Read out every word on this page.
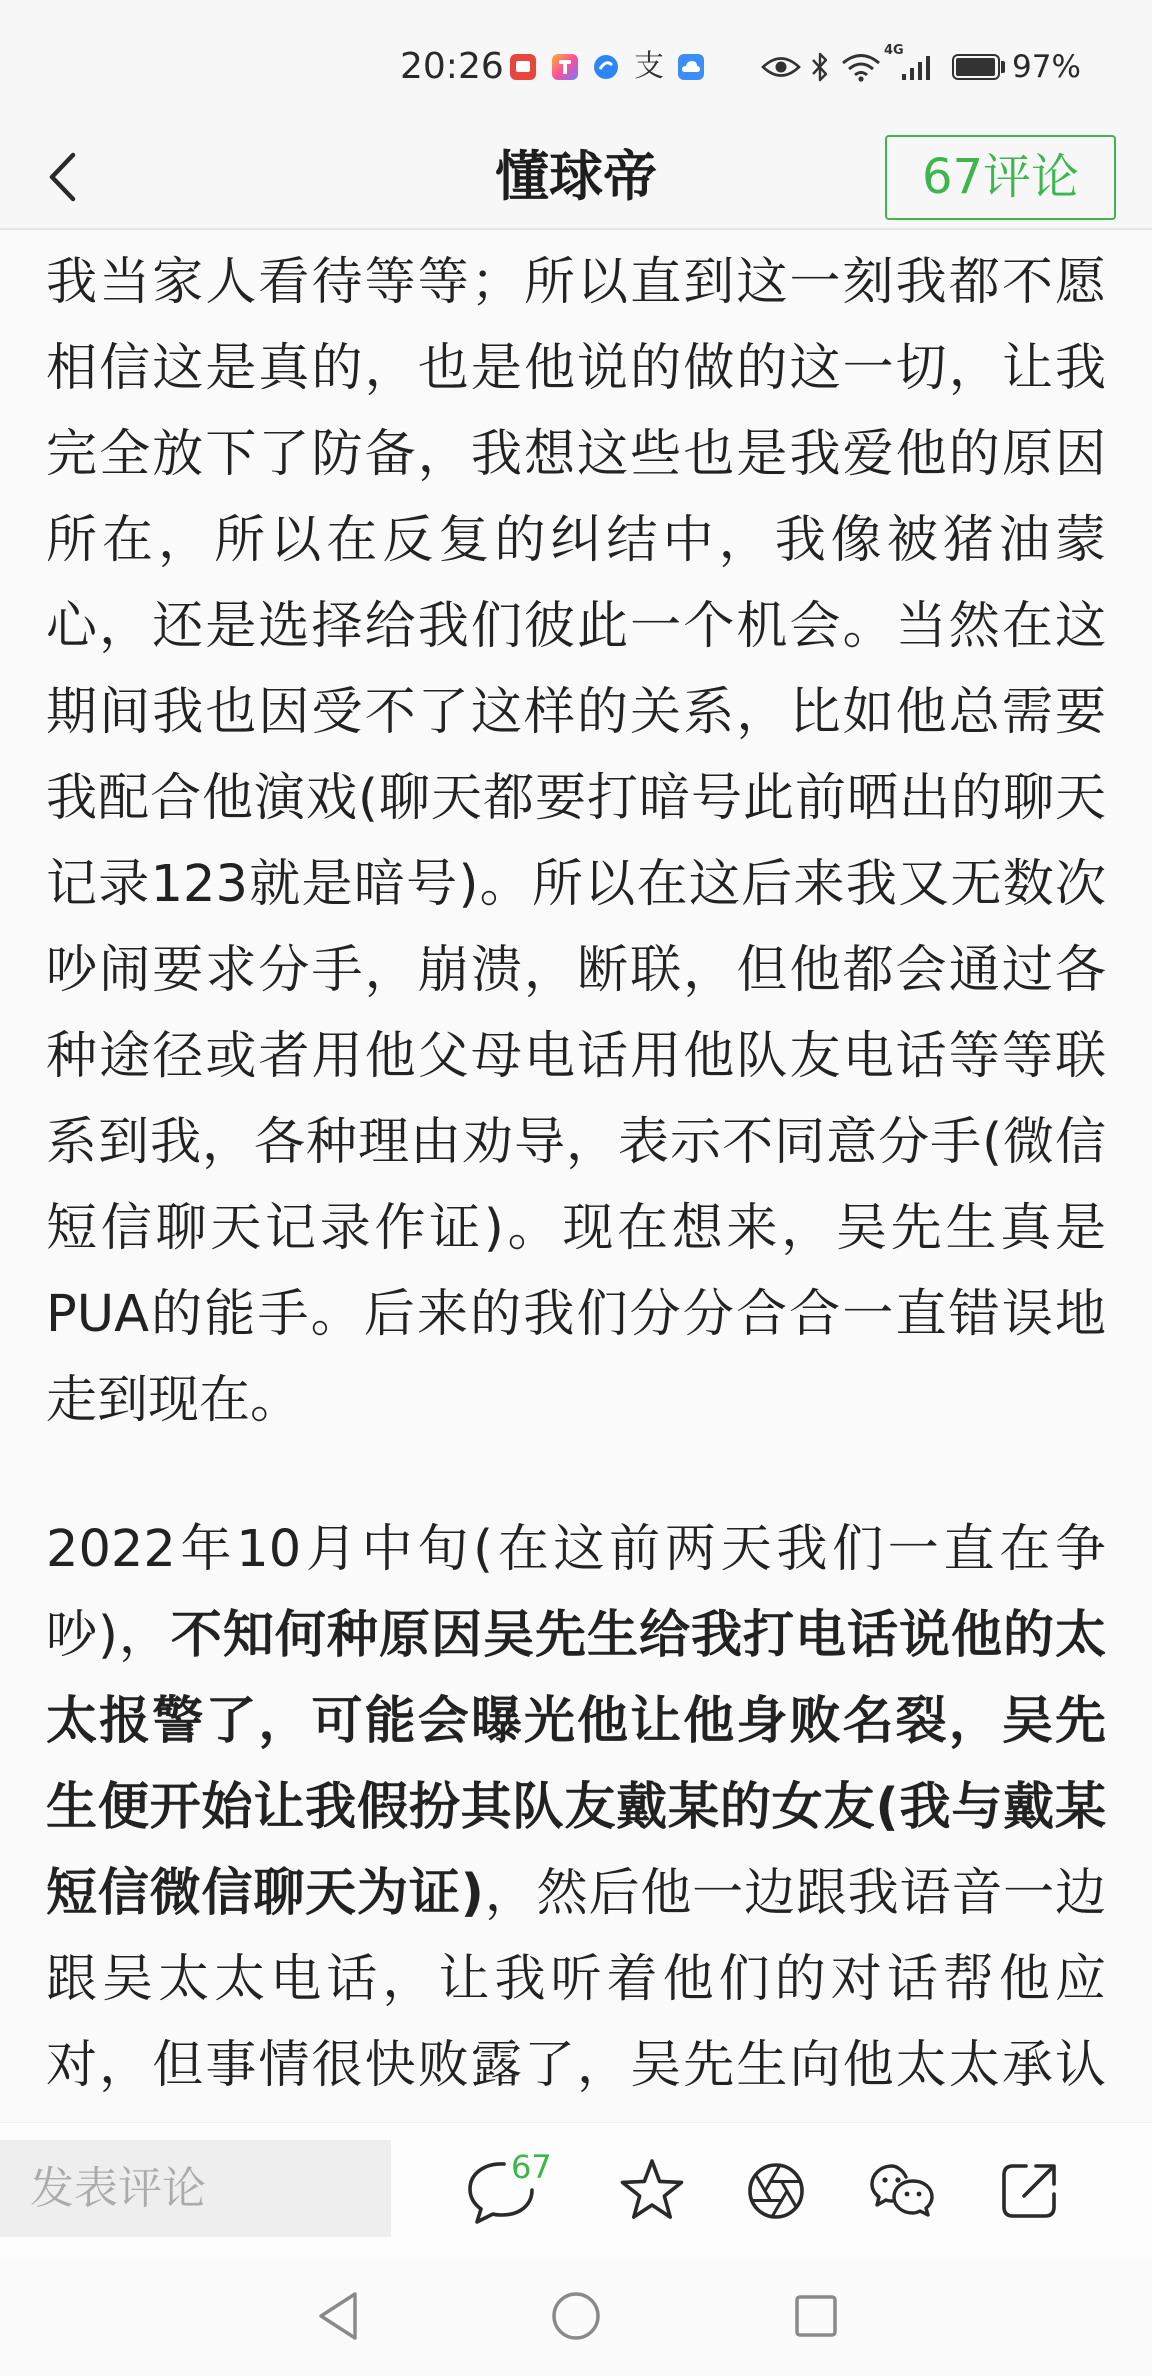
20:26	支	4G	97%
懂球帝	67评论
我当家人看待等等；所以直到这一刻我都不愿
相信这是真的，也是他说的做的这一切，让我
完全放下了防备，我想这些也是我爱他的原因
所在，所以在反复的纠结中，我像被猪油蒙
心，还是选择给我们彼此一个机会。当然在这
期间我也因受不了这样的关系，比如他总需要
我配合他演戏(聊天都要打暗号此前晒出的聊天
记录123就是暗号)。所以在这后来我又无数次
吵闹要求分手，崩溃，断联，但他都会通过各
种途径或者用他父母电话用他队友电话等等联
系到我，各种理由劝导，表示不同意分手(微信
短信聊天记录作证)。现在想来，吴先生真是
PUA的能手。后来的我们分分合合一直错误地
走到现在。
2022年10月中旬(在这前两天我们一直在争
吵)，不知何种原因吴先生给我打电话说他的太
太报警了，可能会曝光他让他身败名裂，吴先
生便开始让我假扮其队友戴某的女友(我与戴某
短信微信聊天为证)，然后他一边跟我语音一边
跟吴太太电话，让我听着他们的对话帮他应
对，但事情很快败露了，吴先生向他太太承认
发表评论	67
